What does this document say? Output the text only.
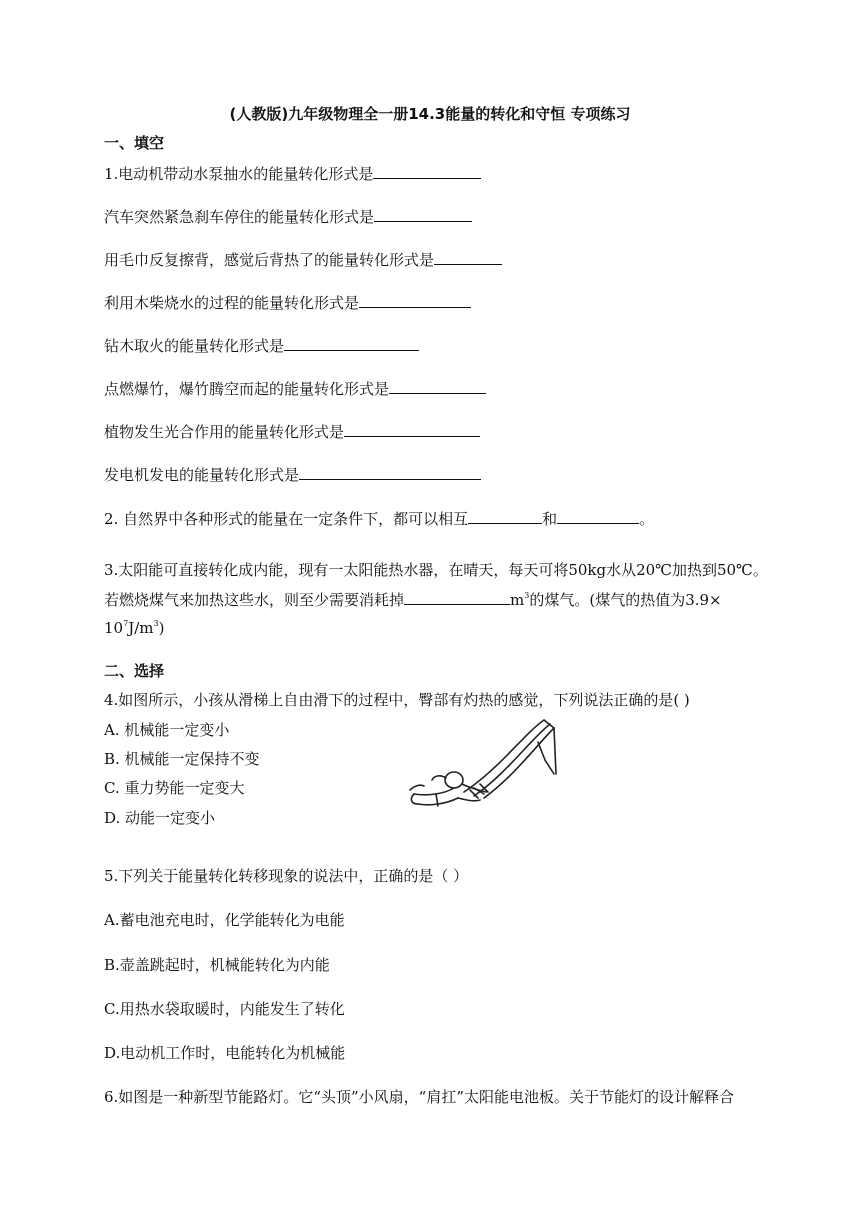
(人教版)九年级物理全一册14.3能量的转化和守恒 专项练习
一、填空
1.电动机带动水泵抽水的能量转化形式是
汽车突然紧急刹车停住的能量转化形式是
用毛巾反复擦背，感觉后背热了的能量转化形式是
利用木柴烧水的过程的能量转化形式是
钻木取火的能量转化形式是
点燃爆竹，爆竹腾空而起的能量转化形式是
植物发生光合作用的能量转化形式是
发电机发电的能量转化形式是
2. 自然界中各种形式的能量在一定条件下，都可以相互	和	。
3.太阳能可直接转化成内能，现有一太阳能热水器，在晴天，每天可将50kg水从20℃加热到50℃。
若燃烧煤气来加热这些水，则至少需要消耗掉	$m^3$的煤气。(煤气的热值为3.9×
$10^7J/m^3$)
二、选择
4.如图所示，小孩从滑梯上自由滑下的过程中，臀部有灼热的感觉，下列说法正确的是( )
A. 机械能一定变小
B. 机械能一定保持不变
C. 重力势能一定变大
D. 动能一定变小
5.下列关于能量转化转移现象的说法中，正确的是（ ）
A.蓄电池充电时，化学能转化为电能
B.壶盖跳起时，机械能转化为内能
C.用热水袋取暖时，内能发生了转化
D.电动机工作时，电能转化为机械能
6.如图是一种新型节能路灯。它“头顶”小风扇，“肩扛”太阳能电池板。关于节能灯的设计解释合
